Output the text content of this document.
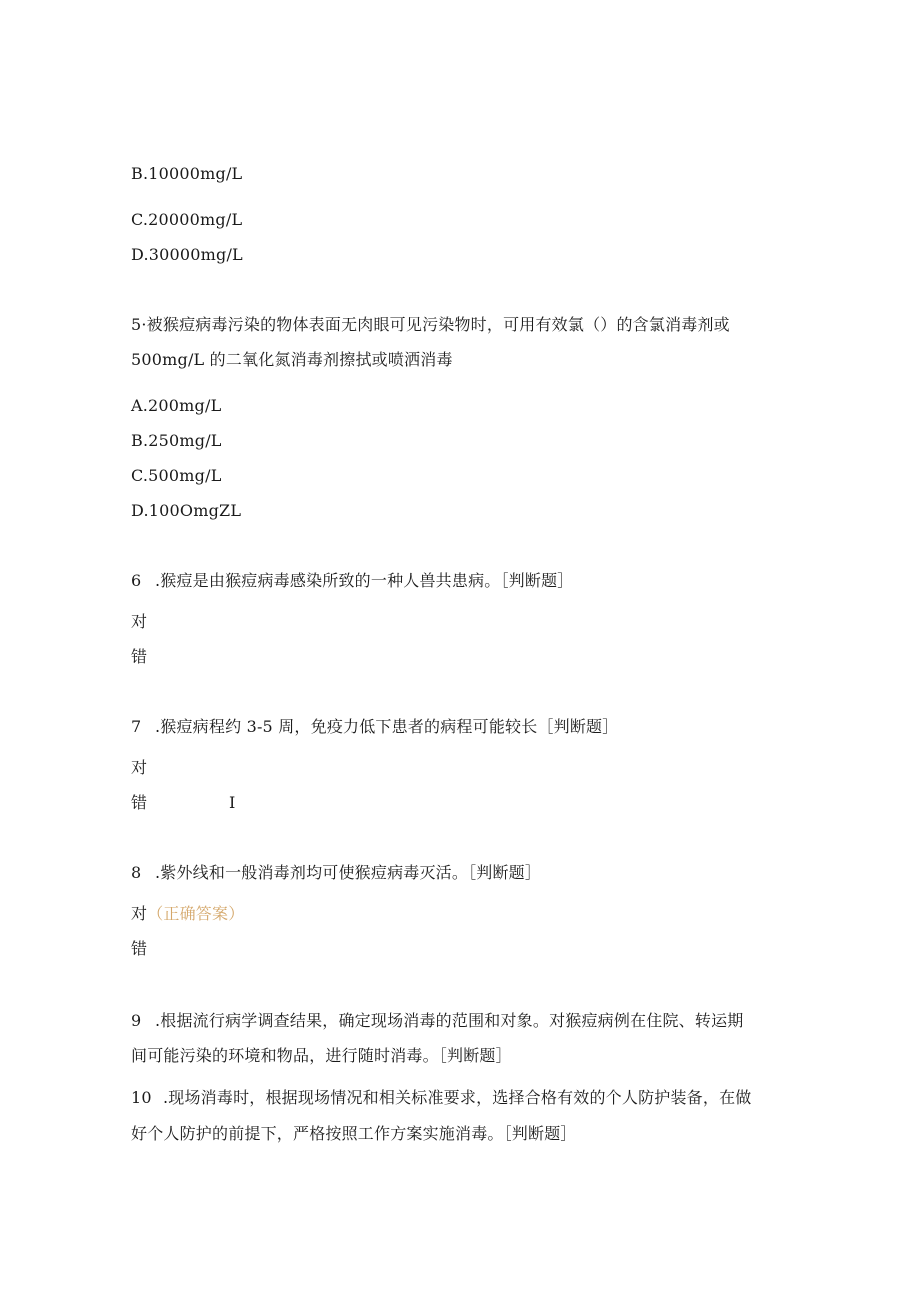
B.10000mg/L
C.20000mg/L
D.30000mg/L
5·被猴痘病毒污染的物体表面无肉眼可见污染物时，可用有效氯（）的含氯消毒剂或
500mg/L 的二氧化氮消毒剂擦拭或喷洒消毒
A.200mg/L
B.250mg/L
C.500mg/L
D.100OmgZL
6 .猴痘是由猴痘病毒感染所致的一种人兽共患病。［判断题］
对
错
7 .猴痘病程约 3-5 周，免疫力低下患者的病程可能较长［判断题］
对
错	I
8 .紫外线和一般消毒剂均可使猴痘病毒灭活。［判断题］
对（正确答案）
错
9 .根据流行病学调查结果，确定现场消毒的范围和对象。对猴痘病例在住院、转运期
间可能污染的环境和物品，进行随时消毒。［判断题］
10 .现场消毒时，根据现场情况和相关标准要求，选择合格有效的个人防护装备，在做
好个人防护的前提下，严格按照工作方案实施消毒。［判断题］
